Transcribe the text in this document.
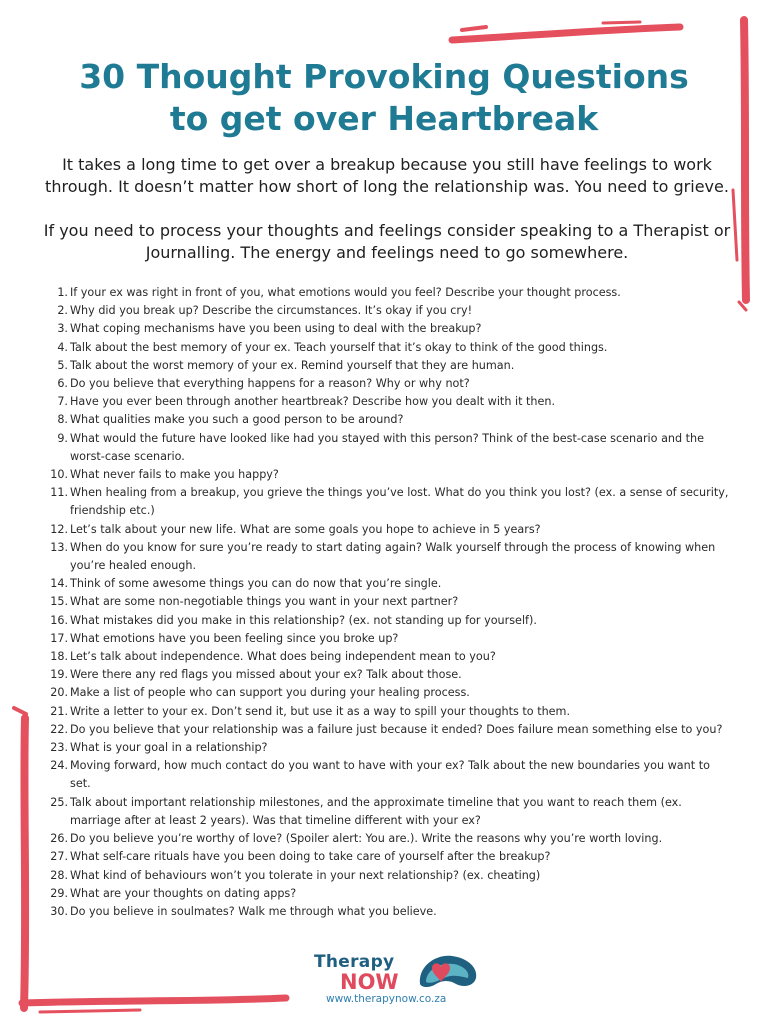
30 Thought Provoking Questions
to get over Heartbreak

It takes a long time to get over a breakup because you still have feelings to work through. It doesn’t matter how short of long the relationship was. You need to grieve.

If you need to process your thoughts and feelings consider speaking to a Therapist or Journalling. The energy and feelings need to go somewhere.

1. If your ex was right in front of you, what emotions would you feel? Describe your thought process.
2. Why did you break up? Describe the circumstances. It’s okay if you cry!
3. What coping mechanisms have you been using to deal with the breakup?
4. Talk about the best memory of your ex. Teach yourself that it’s okay to think of the good things.
5. Talk about the worst memory of your ex. Remind yourself that they are human.
6. Do you believe that everything happens for a reason? Why or why not?
7. Have you ever been through another heartbreak? Describe how you dealt with it then.
8. What qualities make you such a good person to be around?
9. What would the future have looked like had you stayed with this person? Think of the best-case scenario and the worst-case scenario.
10. What never fails to make you happy?
11. When healing from a breakup, you grieve the things you’ve lost. What do you think you lost? (ex. a sense of security, friendship etc.)
12. Let’s talk about your new life. What are some goals you hope to achieve in 5 years?
13. When do you know for sure you’re ready to start dating again? Walk yourself through the process of knowing when you’re healed enough.
14. Think of some awesome things you can do now that you’re single.
15. What are some non-negotiable things you want in your next partner?
16. What mistakes did you make in this relationship? (ex. not standing up for yourself).
17. What emotions have you been feeling since you broke up?
18. Let’s talk about independence. What does being independent mean to you?
19. Were there any red flags you missed about your ex? Talk about those.
20. Make a list of people who can support you during your healing process.
21. Write a letter to your ex. Don’t send it, but use it as a way to spill your thoughts to them.
22. Do you believe that your relationship was a failure just because it ended? Does failure mean something else to you?
23. What is your goal in a relationship?
24. Moving forward, how much contact do you want to have with your ex? Talk about the new boundaries you want to set.
25. Talk about important relationship milestones, and the approximate timeline that you want to reach them (ex. marriage after at least 2 years). Was that timeline different with your ex?
26. Do you believe you’re worthy of love? (Spoiler alert: You are.). Write the reasons why you’re worth loving.
27. What self-care rituals have you been doing to take care of yourself after the breakup?
28. What kind of behaviours won’t you tolerate in your next relationship? (ex. cheating)
29. What are your thoughts on dating apps?
30. Do you believe in soulmates? Walk me through what you believe.
Therapy
NOW
www.therapynow.co.za
